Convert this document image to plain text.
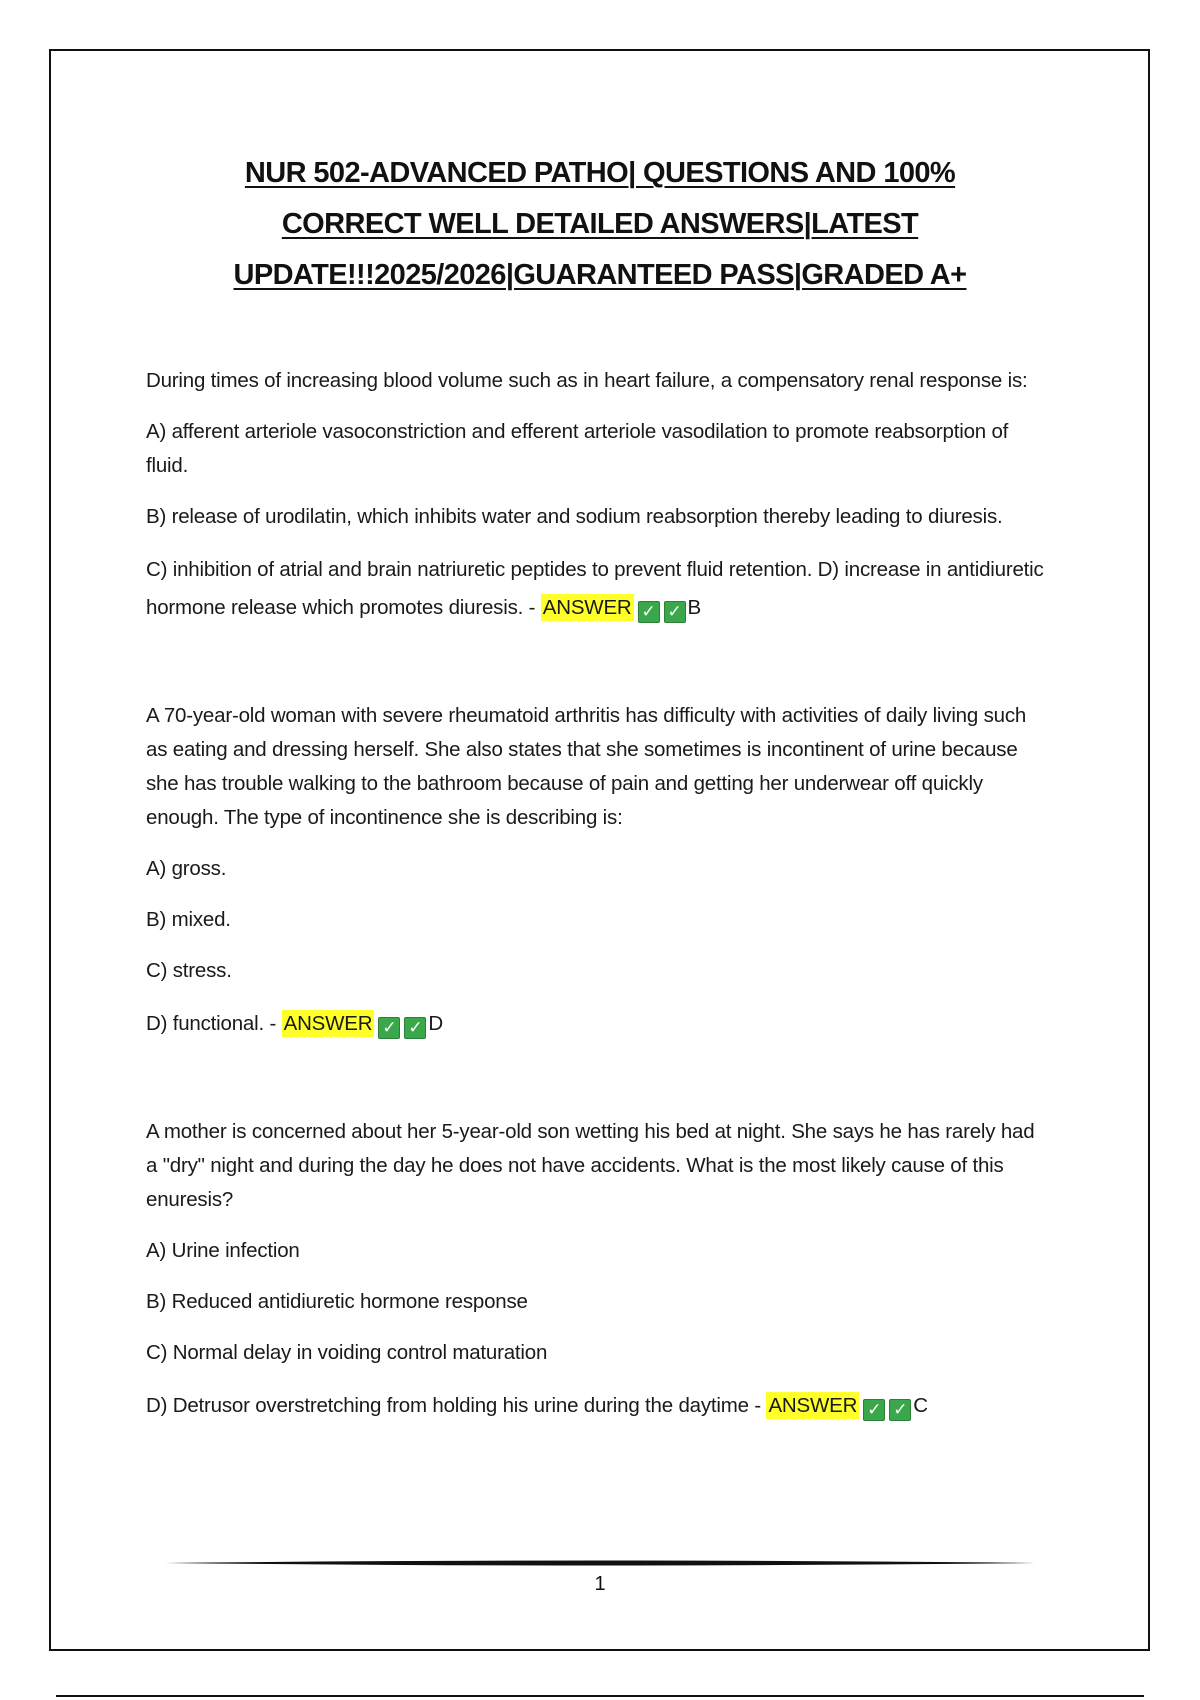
NUR 502-ADVANCED PATHO| QUESTIONS AND 100%
CORRECT WELL DETAILED ANSWERS|LATEST
UPDATE!!!2025/2026|GUARANTEED PASS|GRADED A+

During times of increasing blood volume such as in heart failure, a compensatory renal response is:

A) afferent arteriole vasoconstriction and efferent arteriole vasodilation to promote reabsorption of fluid.

B) release of urodilatin, which inhibits water and sodium reabsorption thereby leading to diuresis.

C) inhibition of atrial and brain natriuretic peptides to prevent fluid retention. D) increase in antidiuretic hormone release which promotes diuresis. - ANSWER ✓ ✓ B

A 70-year-old woman with severe rheumatoid arthritis has difficulty with activities of daily living such as eating and dressing herself. She also states that she sometimes is incontinent of urine because she has trouble walking to the bathroom because of pain and getting her underwear off quickly enough. The type of incontinence she is describing is:

A) gross.

B) mixed.

C) stress.

D) functional. - ANSWER ✓ ✓ D

A mother is concerned about her 5-year-old son wetting his bed at night. She says he has rarely had a "dry" night and during the day he does not have accidents. What is the most likely cause of this enuresis?

A) Urine infection

B) Reduced antidiuretic hormone response

C) Normal delay in voiding control maturation

D) Detrusor overstretching from holding his urine during the daytime - ANSWER ✓ ✓ C

1
